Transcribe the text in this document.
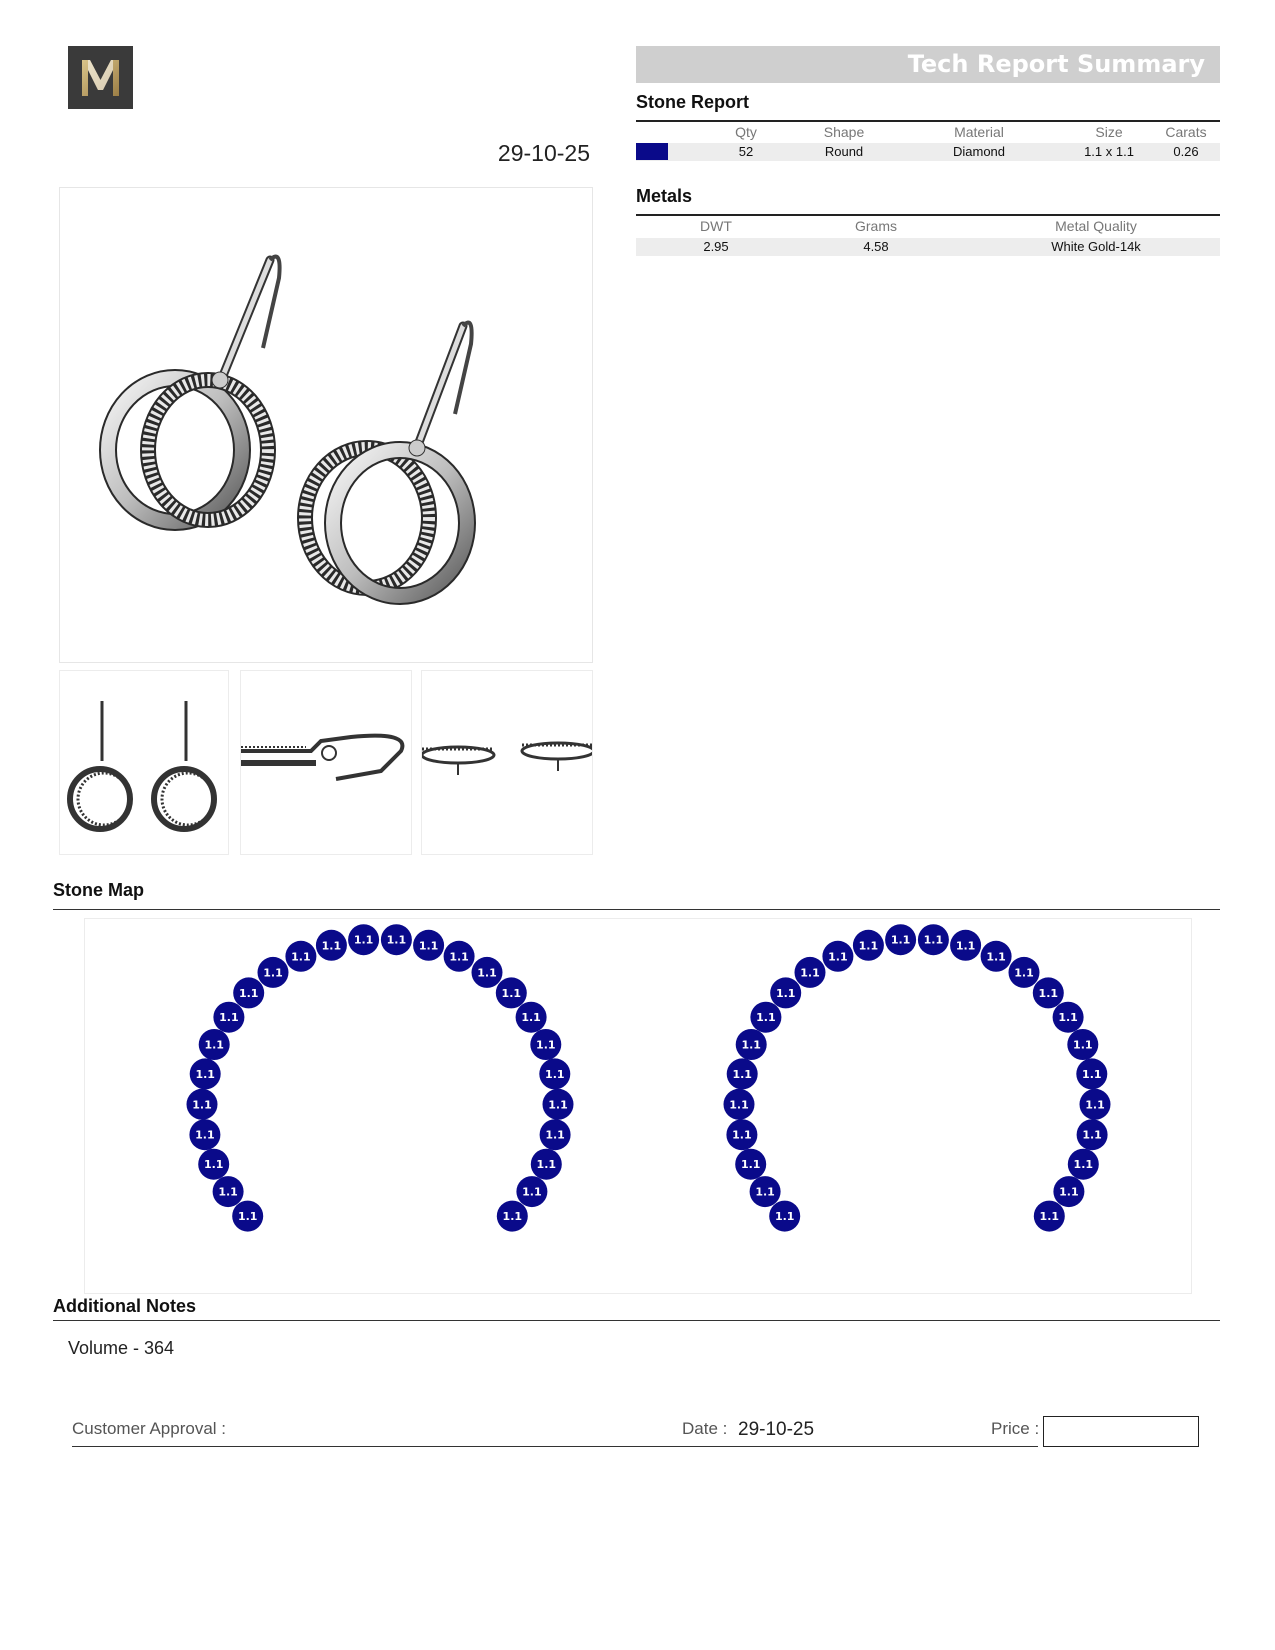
29-10-25
Tech Report Summary
Stone Report
Qty	Shape	Material	Size	Carats
52	Round	Diamond	1.1 x 1.1	0.26
Metals
DWT	Grams	Metal Quality
2.95	4.58	White Gold-14k
Stone Map
1.1
1.1
1.1
1.1
1.1
1.1
1.1
1.1
1.1
1.1
1.1
1.1 1.1 1.1 1.1
1.1
1.1
1.1
1.1
1.1
1.1
1.1
1.1
1.1
1.1
1.1	1.1
1.1
1.1
1.1
1.1
1.1
1.1
1.1
1.1
1.1
1.1
1.1 1.1 1.1 1.1
1.1
1.1
1.1
1.1
1.1
1.1
1.1
1.1
1.1
1.1
1.1
Additional Notes
Volume - 364
Customer Approval :	Date : 29-10-25	Price :
